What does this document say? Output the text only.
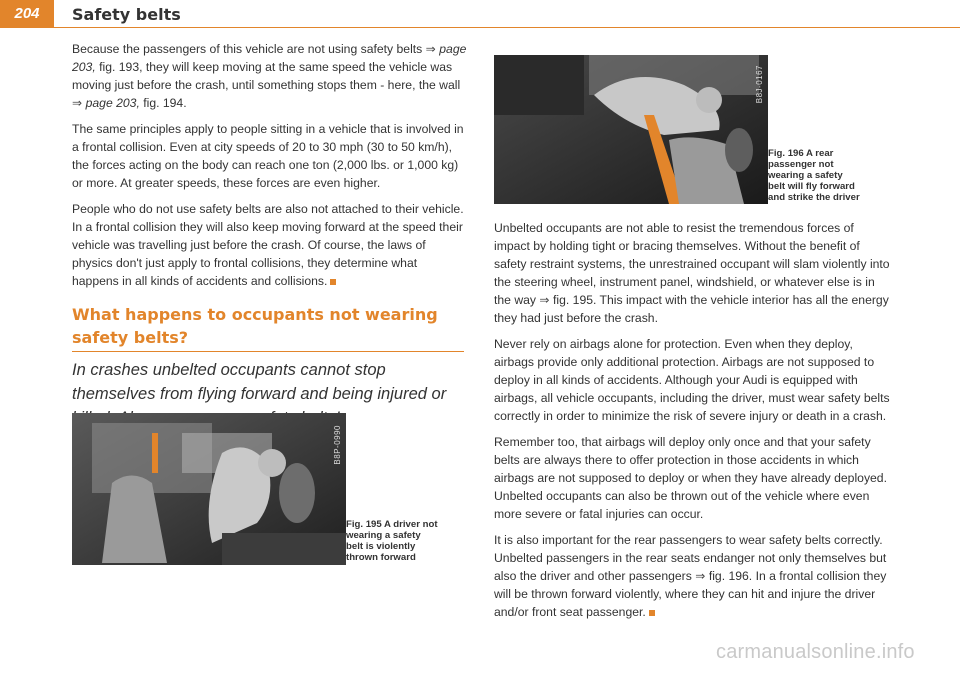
204	Safety belts

Because the passengers of this vehicle are not using safety belts ⇒ page 203, fig. 193, they will keep moving at the same speed the vehicle was moving just before the crash, until something stops them - here, the wall ⇒ page 203, fig. 194.

The same principles apply to people sitting in a vehicle that is involved in a frontal collision. Even at city speeds of 20 to 30 mph (30 to 50 km/h), the forces acting on the body can reach one ton (2,000 lbs. or 1,000 kg) or more. At greater speeds, these forces are even higher.

People who do not use safety belts are also not attached to their vehicle. In a frontal collision they will also keep moving forward at the speed their vehicle was travelling just before the crash. Of course, the laws of physics don't just apply to frontal collisions, they determine what happens in all kinds of accidents and collisions.

What happens to occupants not wearing safety belts?
In crashes unbelted occupants cannot stop themselves from flying forward and being injured or
B8P-0990
Fig. 195 A driver not wearing a safety belt is violently thrown forward
B8J-0167
Fig. 196 A rear passenger not wearing a safety belt will fly forward and strike the driver

Unbelted occupants are not able to resist the tremendous forces of impact by holding tight or bracing themselves. Without the benefit of safety restraint systems, the unrestrained occupant will slam violently into the steering wheel, instrument panel, windshield, or whatever else is in the way ⇒ fig. 195. This impact with the vehicle interior has all the energy they had just before the crash.

Never rely on airbags alone for protection. Even when they deploy, airbags provide only additional protection. Airbags are not supposed to deploy in all kinds of accidents. Although your Audi is equipped with airbags, all vehicle occupants, including the driver, must wear safety belts correctly in order to minimize the risk of severe injury or death in a crash.

Remember too, that airbags will deploy only once and that your safety belts are always there to offer protection in those accidents in which airbags are not supposed to deploy or when they have already deployed. Unbelted occupants can also be thrown out of the vehicle where even more severe or fatal injuries can occur.

It is also important for the rear passengers to wear safety belts correctly. Unbelted passengers in the rear seats endanger not only themselves but also the driver and other passengers ⇒ fig. 196. In a frontal collision they will be thrown forward violently, where they can hit and injure the driver and/or front seat passenger.

carmanualsonline.info
